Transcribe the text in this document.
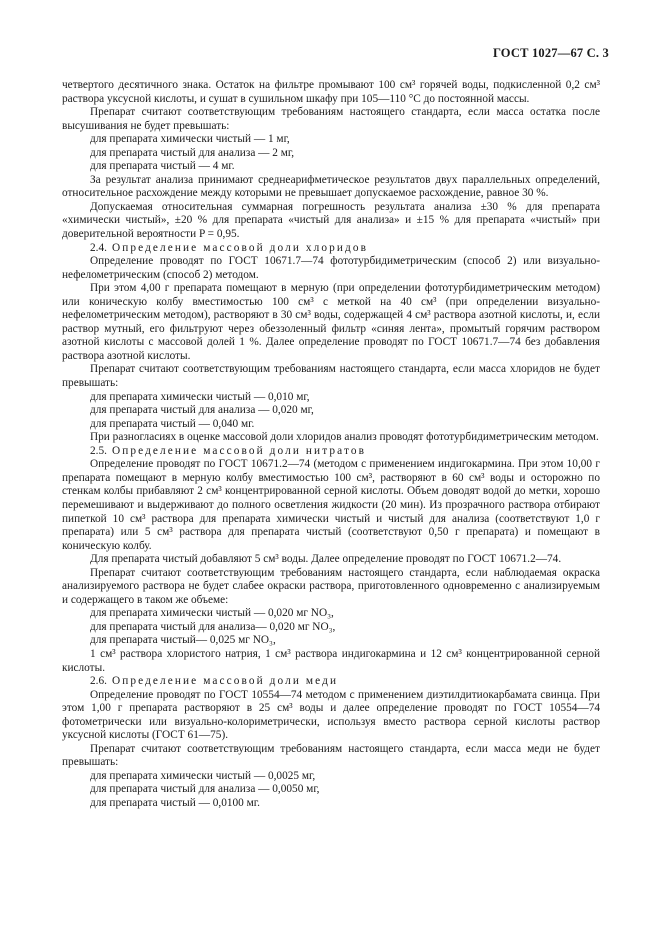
ГОСТ 1027—67 С. 3

четвертого десятичного знака. Остаток на фильтре промывают 100 см³ горячей воды, подкисленной 0,2 см³ раствора уксусной кислоты, и сушат в сушильном шкафу при 105—110 °С до постоянной массы.

Препарат считают соответствующим требованиям настоящего стандарта, если масса остатка после высушивания не будет превышать:

для препарата химически чистый — 1 мг,

для препарата чистый для анализа — 2 мг,

для препарата чистый — 4 мг.

За результат анализа принимают среднеарифметическое результатов двух параллельных определений, относительное расхождение между которыми не превышает допускаемое расхождение, равное 30 %.

Допускаемая относительная суммарная погрешность результата анализа ±30 % для препарата «химически чистый», ±20 % для препарата «чистый для анализа» и ±15 % для препарата «чистый» при доверительной вероятности P = 0,95.

2.4. Определение массовой доли хлоридов

Определение проводят по ГОСТ 10671.7—74 фототурбидиметрическим (способ 2) или визуально-нефелометрическим (способ 2) методом.

При этом 4,00 г препарата помещают в мерную (при определении фототурбидиметрическим методом) или коническую колбу вместимостью 100 см³ с меткой на 40 см³ (при определении визуально-нефелометрическим методом), растворяют в 30 см³ воды, содержащей 4 см³ раствора азотной кислоты, и, если раствор мутный, его фильтруют через обеззоленный фильтр «синяя лента», промытый горячим раствором азотной кислоты с массовой долей 1 %. Далее определение проводят по ГОСТ 10671.7—74 без добавления раствора азотной кислоты.

Препарат считают соответствующим требованиям настоящего стандарта, если масса хлоридов не будет превышать:

для препарата химически чистый — 0,010 мг,

для препарата чистый для анализа — 0,020 мг,

для препарата чистый — 0,040 мг.

При разногласиях в оценке массовой доли хлоридов анализ проводят фототурбидиметрическим методом.

2.5. Определение массовой доли нитратов

Определение проводят по ГОСТ 10671.2—74 (методом с применением индигокармина. При этом 10,00 г препарата помещают в мерную колбу вместимостью 100 см³, растворяют в 60 см³ воды и осторожно по стенкам колбы прибавляют 2 см³ концентрированной серной кислоты. Объем доводят водой до метки, хорошо перемешивают и выдерживают до полного осветления жидкости (20 мин). Из прозрачного раствора отбирают пипеткой 10 см³ раствора для препарата химически чистый и чистый для анализа (соответствуют 1,0 г препарата) или 5 см³ раствора для препарата чистый (соответствуют 0,50 г препарата) и помещают в коническую колбу.

Для препарата чистый добавляют 5 см³ воды. Далее определение проводят по ГОСТ 10671.2—74.

Препарат считают соответствующим требованиям настоящего стандарта, если наблюдаемая окраска анализируемого раствора не будет слабее окраски раствора, приготовленного одновременно с анализируемым и содержащего в таком же объеме:

для препарата химически чистый — 0,020 мг NO₃,

для препарата чистый для анализа— 0,020 мг NO₃,

для препарата чистый— 0,025 мг NO₃,

1 см³ раствора хлористого натрия, 1 см³ раствора индигокармина и 12 см³ концентрированной серной кислоты.

2.6. Определение массовой доли меди

Определение проводят по ГОСТ 10554—74 методом с применением диэтилдитиокарбамата свинца. При этом 1,00 г препарата растворяют в 25 см³ воды и далее определение проводят по ГОСТ 10554—74 фотометрически или визуально-колориметрически, используя вместо раствора серной кислоты раствор уксусной кислоты (ГОСТ 61—75).

Препарат считают соответствующим требованиям настоящего стандарта, если масса меди не будет превышать:

для препарата химически чистый — 0,0025 мг,

для препарата чистый для анализа — 0,0050 мг,

для препарата чистый — 0,0100 мг.
